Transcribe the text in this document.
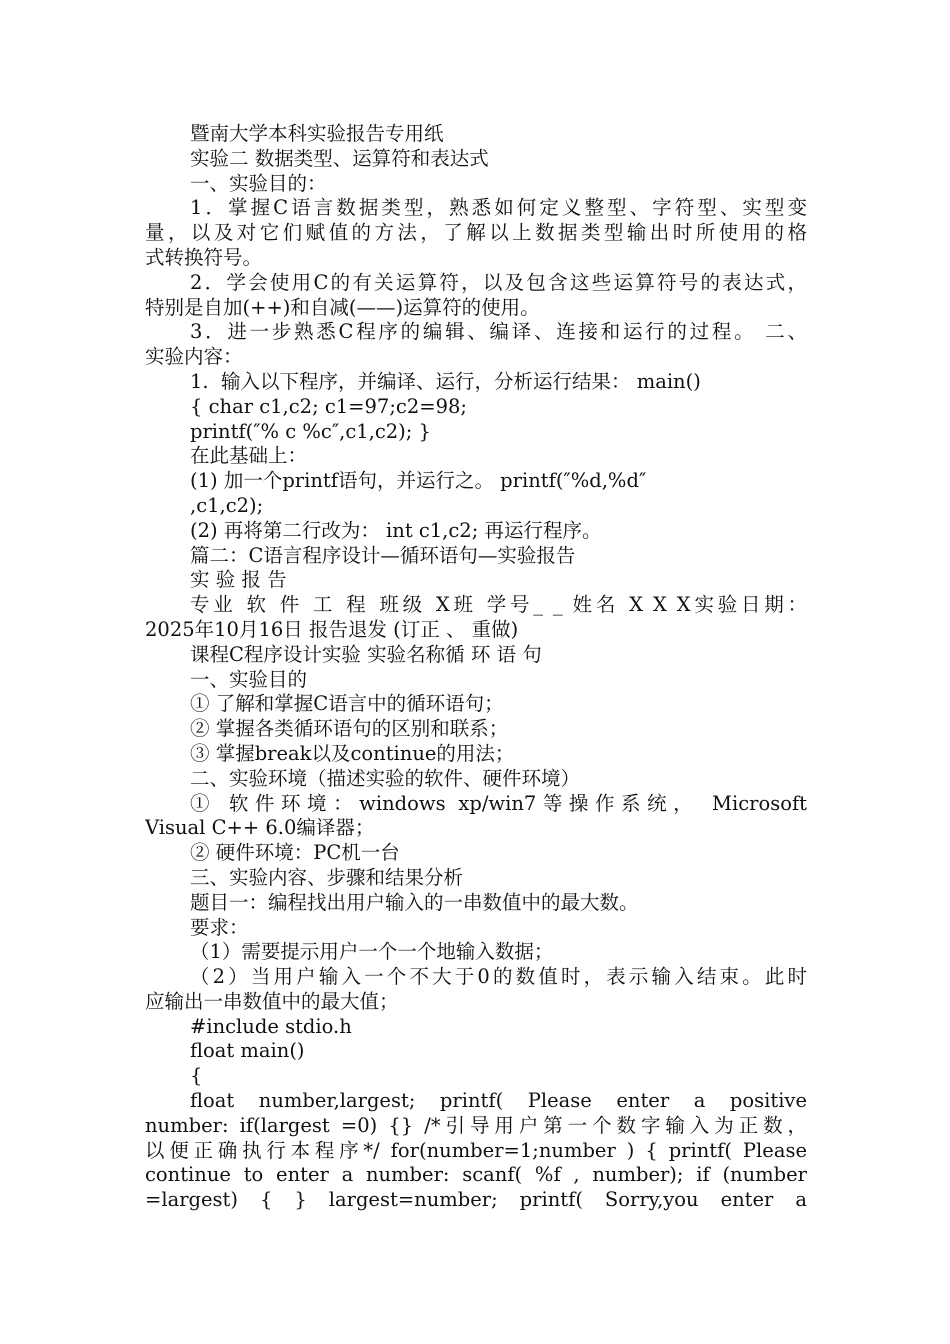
暨南大学本科实验报告专用纸
实验二 数据类型、运算符和表达式
一、实验目的：
1．掌握C语言数据类型，熟悉如何定义整型、字符型、实型变
量，以及对它们赋值的方法，了解以上数据类型输出时所使用的格
式转换符号。
2．学会使用C的有关运算符，以及包含这些运算符号的表达式，
特别是自加(++)和自减(——)运算符的使用。
3．进一步熟悉C程序的编辑、编译、连接和运行的过程。 二、
实验内容：
1.  输入以下程序，并编译、运行，分析运行结果： main()
{ char c1,c2; c1=97;c2=98;
printf(″% c %c″,c1,c2); }
在此基础上：
(1) 加一个printf语句，并运行之。 printf(″%d,%d″
,c1,c2);
(2) 再将第二行改为： int c1,c2; 再运行程序。
篇二：C语言程序设计—循环语句—实验报告
实 验 报 告
专业 软 件 工 程 班级 X班 学号_ _ 姓名 X X X实验日期：
2025年10月16日 报告退发 (订正 、 重做)
课程C程序设计实验 实验名称循 环 语 句
一、实验目的
① 了解和掌握C语言中的循环语句；
② 掌握各类循环语句的区别和联系；
③ 掌握break以及continue的用法；
二、实验环境（描述实验的软件、硬件环境）
① 软件环境：windows xp/win7等操作系统， Microsoft
Visual C++ 6.0编译器；
② 硬件环境：PC机一台
三、实验内容、步骤和结果分析
题目一：编程找出用户输入的一串数值中的最大数。
要求：
（1）需要提示用户一个一个地输入数据；
（2）当用户输入一个不大于0的数值时，表示输入结束。此时
应输出一串数值中的最大值；
#include stdio.h
float main()
{
float number,largest; printf( Please enter a positive
number: if(largest =0) {} /*引导用户第一个数字输入为正数，
以便正确执行本程序*/ for(number=1;number ) { printf( Please
continue to enter a number: scanf( %f , number); if (number
=largest) { } largest=number; printf( Sorry,you enter a
